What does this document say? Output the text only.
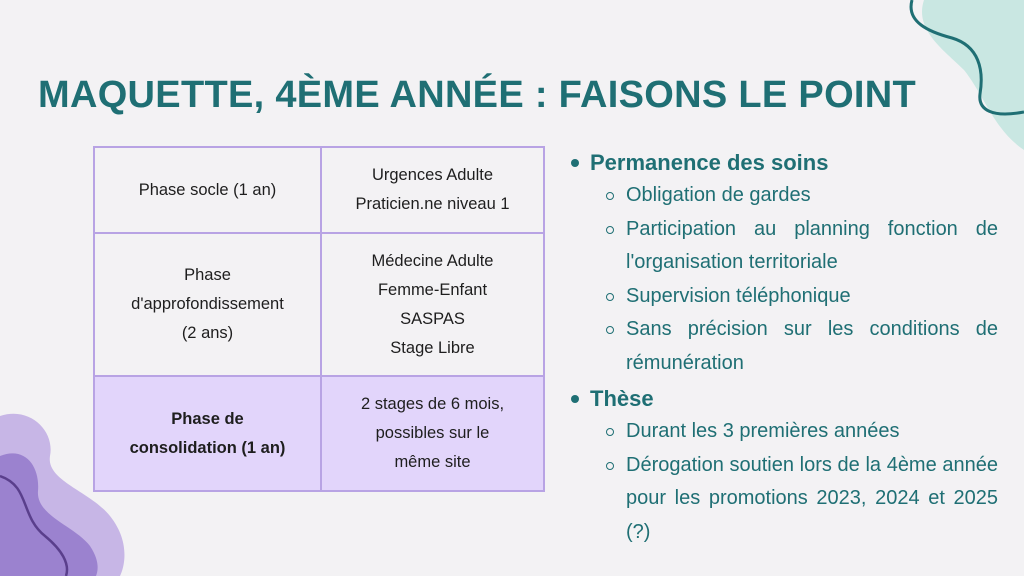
MAQUETTE, 4ÈME ANNÉE : FAISONS LE POINT
Phase socle (1 an)	Urgences Adulte
Praticien.ne niveau 1

Phase
d'approfondissement
(2 ans)	Médecine Adulte
Femme-Enfant
SASPAS
Stage Libre

Phase de
consolidation (1 an)	2 stages de 6 mois,
possibles sur le
même site
Permanence des soins
Obligation de gardes
Participation au planning fonction de l'organisation territoriale
Supervision téléphonique
Sans précision sur les conditions de rémunération
Thèse
Durant les 3 premières années
Dérogation soutien lors de la 4ème année pour les promotions 2023, 2024 et 2025 (?)
